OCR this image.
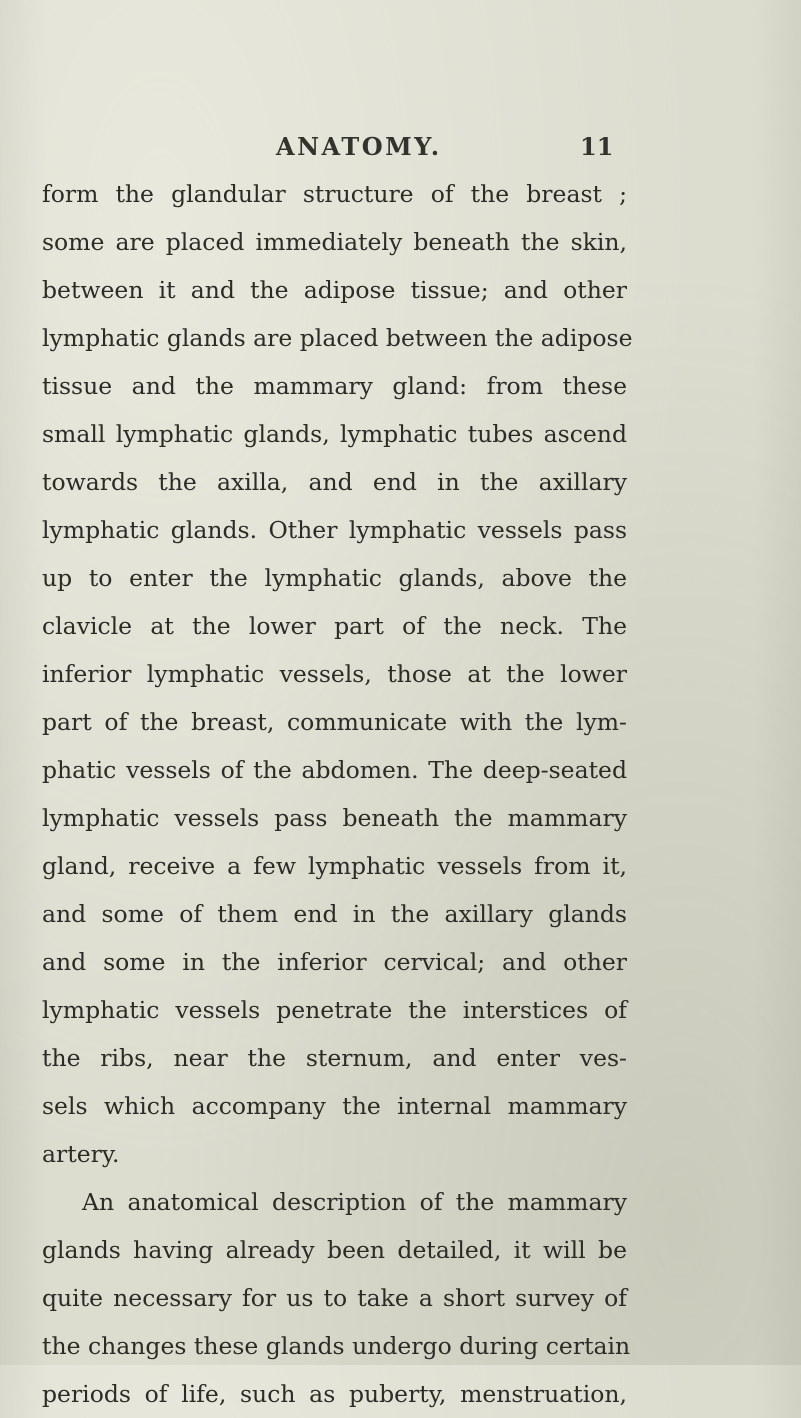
ANATOMY.	11
form the glandular structure of the breast ;
some are placed immediately beneath the skin,
between it and the adipose tissue; and other
lymphatic glands are placed between the adipose
tissue and the mammary gland: from these
small lymphatic glands, lymphatic tubes ascend
towards the axilla, and end in the axillary
lymphatic glands. Other lymphatic vessels pass
up to enter the lymphatic glands, above the
clavicle at the lower part of the neck. The
inferior lymphatic vessels, those at the lower
part of the breast, communicate with the lym-
phatic vessels of the abdomen. The deep-seated
lymphatic vessels pass beneath the mammary
gland, receive a few lymphatic vessels from it,
and some of them end in the axillary glands
and some in the inferior cervical; and other
lymphatic vessels penetrate the interstices of
the ribs, near the sternum, and enter ves-
sels which accompany the internal mammary
artery.
An anatomical description of the mammary
glands having already been detailed, it will be
quite necessary for us to take a short survey of
the changes these glands undergo during certain
periods of life, such as puberty, menstruation,
